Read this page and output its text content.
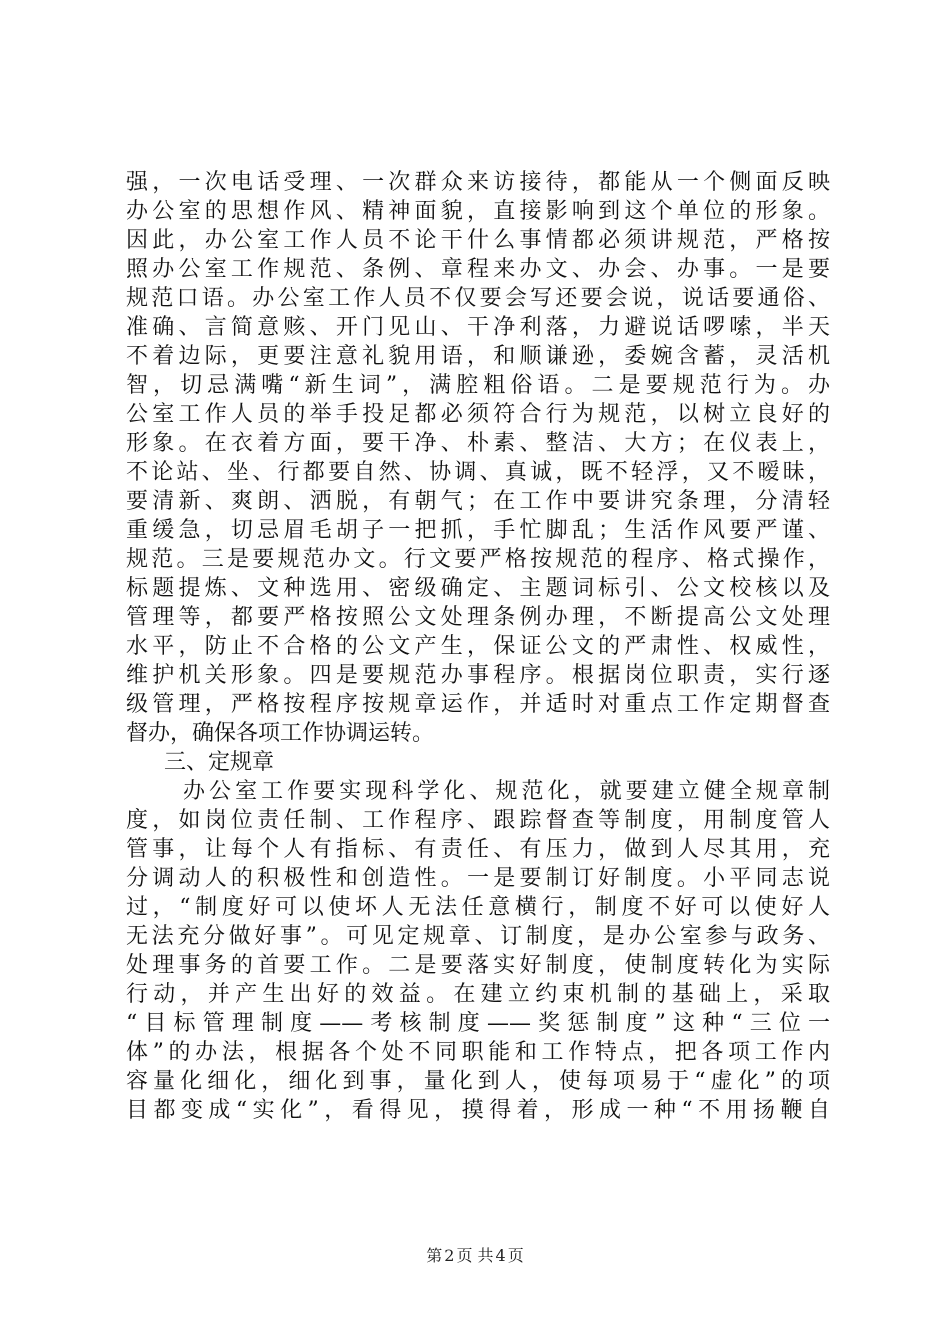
强，一次电话受理、一次群众来访接待，都能从一个侧面反映
办公室的思想作风、精神面貌，直接影响到这个单位的形象。
因此，办公室工作人员不论干什么事情都必须讲规范，严格按
照办公室工作规范、条例、章程来办文、办会、办事。一是要
规范口语。办公室工作人员不仅要会写还要会说，说话要通俗、
准确、言简意赅、开门见山、干净利落，力避说话啰嗦，半天
不着边际，更要注意礼貌用语，和顺谦逊，委婉含蓄，灵活机
智，切忌满嘴“新生词”，满腔粗俗语。二是要规范行为。办
公室工作人员的举手投足都必须符合行为规范，以树立良好的
形象。在衣着方面，要干净、朴素、整洁、大方；在仪表上，
不论站、坐、行都要自然、协调、真诚，既不轻浮，又不暧昧，
要清新、爽朗、洒脱，有朝气；在工作中要讲究条理，分清轻
重缓急，切忌眉毛胡子一把抓，手忙脚乱；生活作风要严谨、
规范。三是要规范办文。行文要严格按规范的程序、格式操作，
标题提炼、文种选用、密级确定、主题词标引、公文校核以及
管理等，都要严格按照公文处理条例办理，不断提高公文处理
水平，防止不合格的公文产生，保证公文的严肃性、权威性，
维护机关形象。四是要规范办事程序。根据岗位职责，实行逐
级管理，严格按程序按规章运作，并适时对重点工作定期督查
督办，确保各项工作协调运转。
三、定规章
办公室工作要实现科学化、规范化，就要建立健全规章制
度，如岗位责任制、工作程序、跟踪督查等制度，用制度管人
管事，让每个人有指标、有责任、有压力，做到人尽其用，充
分调动人的积极性和创造性。一是要制订好制度。小平同志说
过，“制度好可以使坏人无法任意横行，制度不好可以使好人
无法充分做好事”。可见定规章、订制度，是办公室参与政务、
处理事务的首要工作。二是要落实好制度，使制度转化为实际
行动，并产生出好的效益。在建立约束机制的基础上，采取
“目标管理制度——考核制度——奖惩制度”这种“三位一
体”的办法，根据各个处不同职能和工作特点，把各项工作内
容量化细化，细化到事，量化到人，使每项易于“虚化”的项
目都变成“实化”，看得见，摸得着，形成一种“不用扬鞭自
第 2 页 共 4 页
